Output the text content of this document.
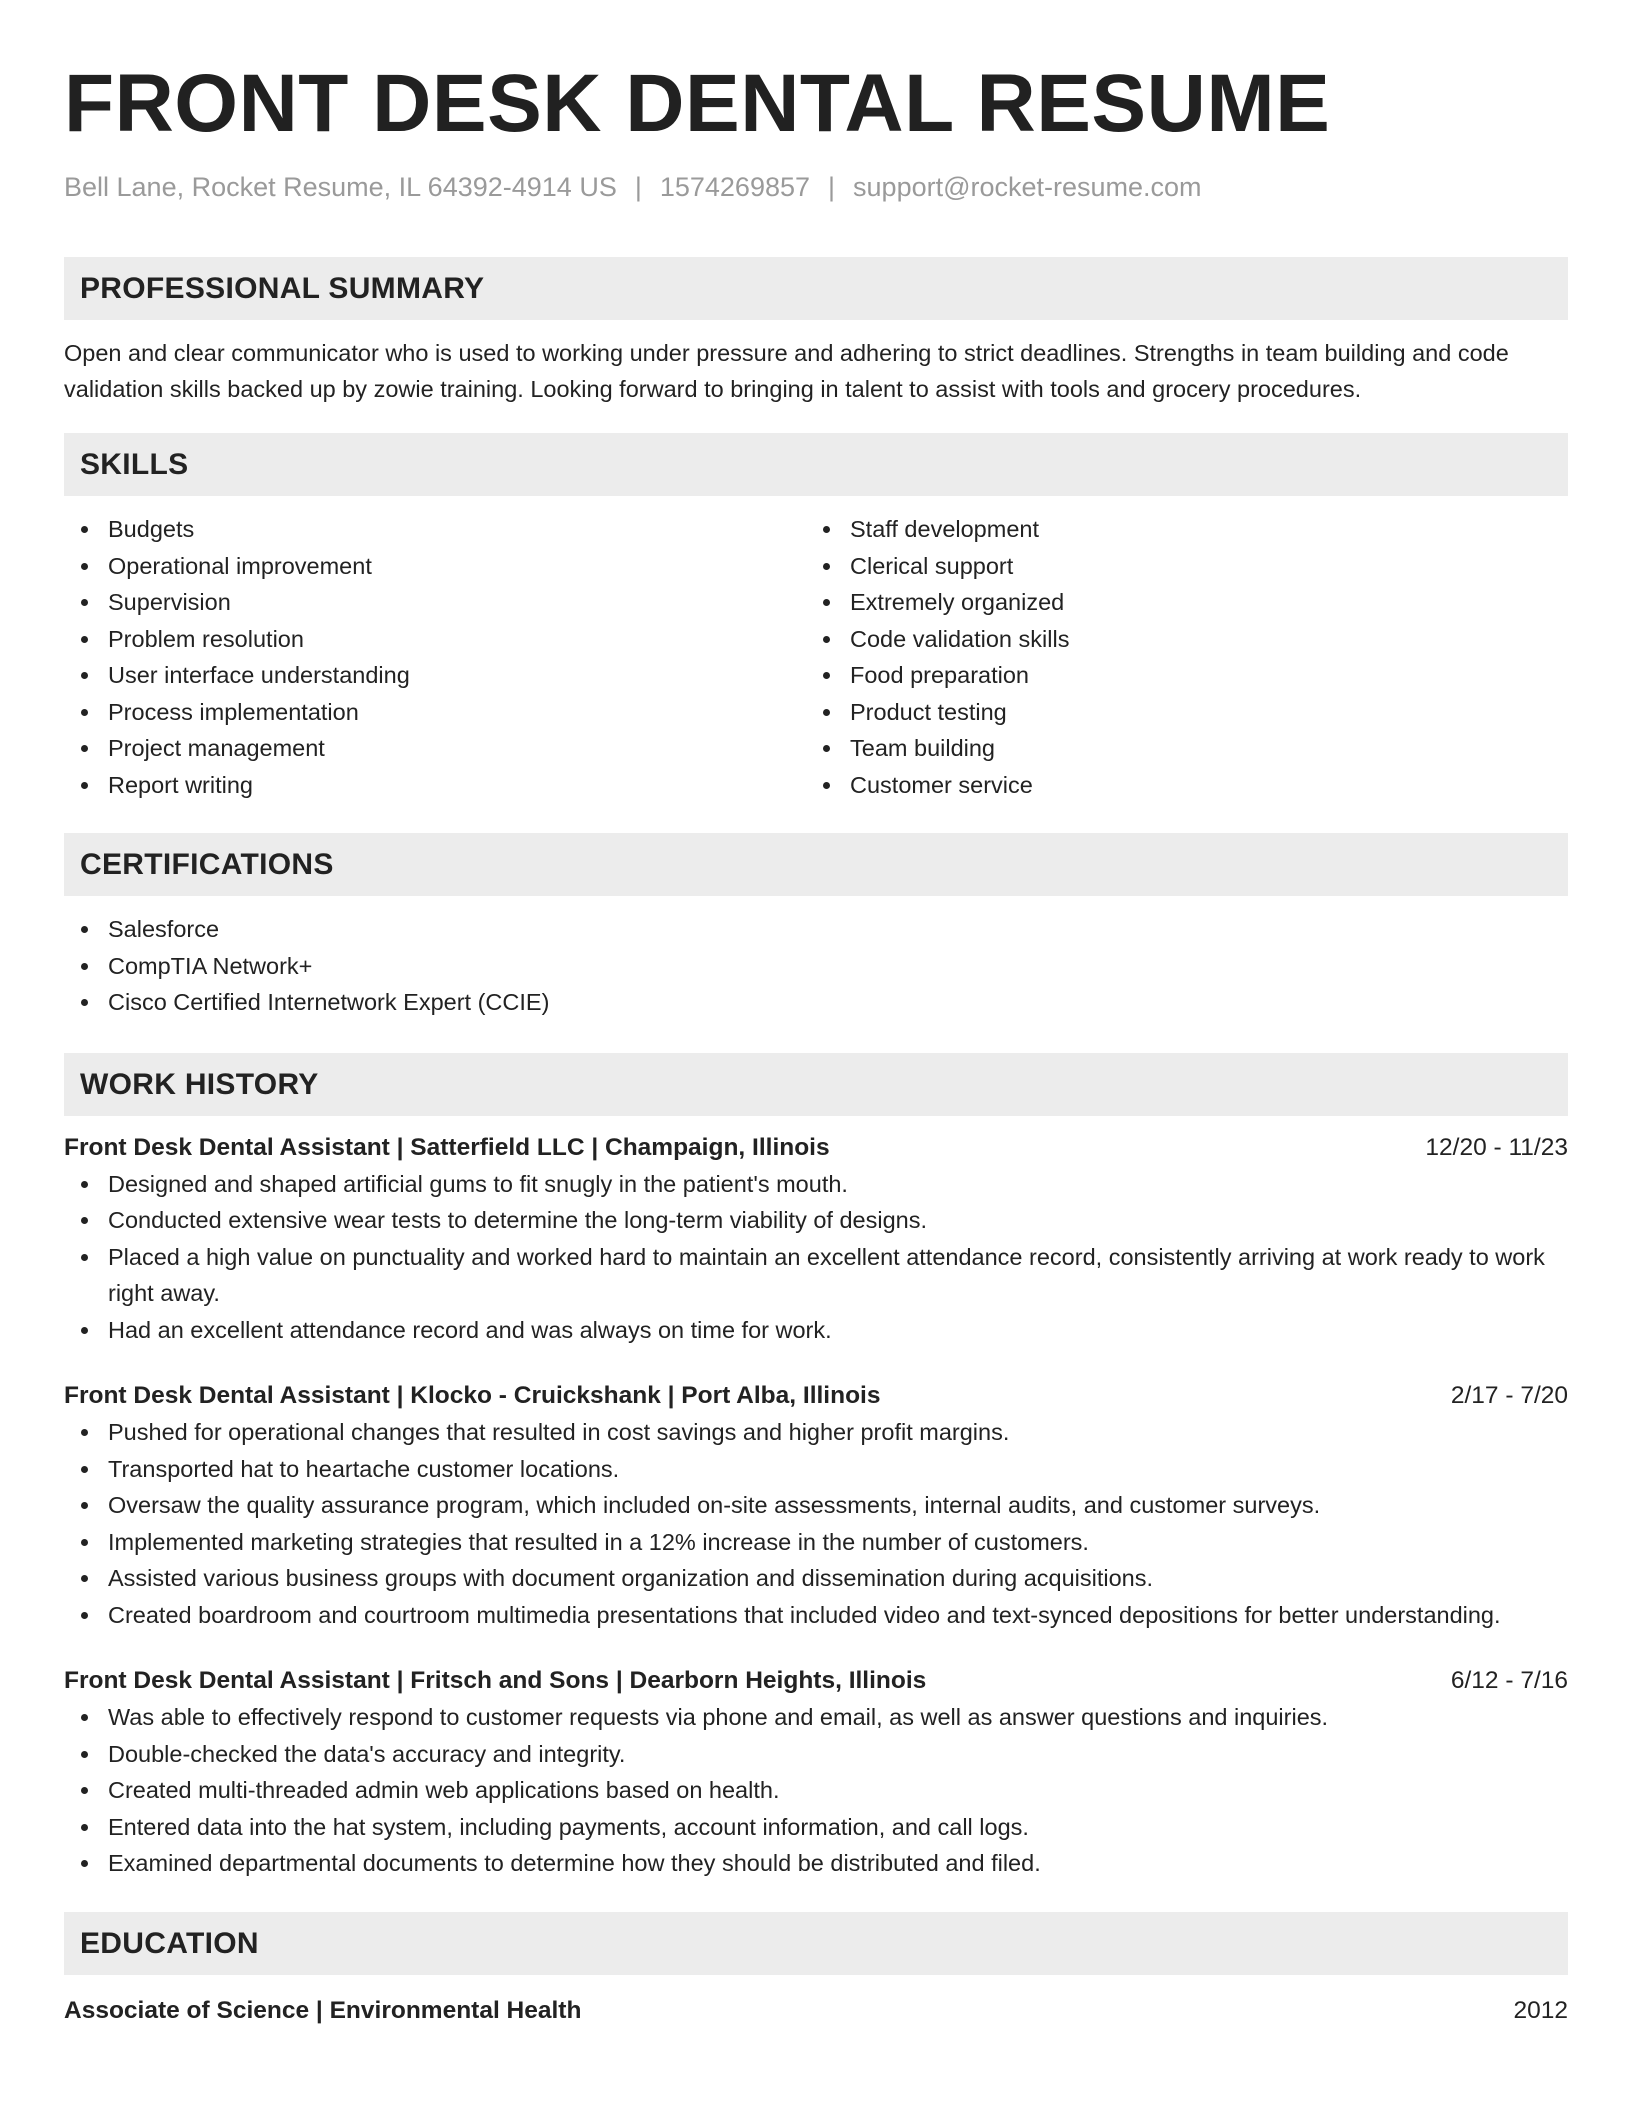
FRONT DESK DENTAL RESUME
Bell Lane, Rocket Resume, IL 64392-4914 US | 1574269857 | support@rocket-resume.com
PROFESSIONAL SUMMARY

Open and clear communicator who is used to working under pressure and adhering to strict deadlines. Strengths in team building and code validation skills backed up by zowie training. Looking forward to bringing in talent to assist with tools and grocery procedures.

SKILLS
Budgets
Operational improvement
Supervision
Problem resolution
User interface understanding
Process implementation
Project management
Report writing
Staff development
Clerical support
Extremely organized
Code validation skills
Food preparation
Product testing
Team building
Customer service
CERTIFICATIONS
Salesforce
CompTIA Network+
Cisco Certified Internetwork Expert (CCIE)
WORK HISTORY
Front Desk Dental Assistant | Satterfield LLC | Champaign, Illinois	12/20 - 11/23
Designed and shaped artificial gums to fit snugly in the patient's mouth.
Conducted extensive wear tests to determine the long-term viability of designs.
Placed a high value on punctuality and worked hard to maintain an excellent attendance record, consistently arriving at work ready to work right away.
Had an excellent attendance record and was always on time for work.
Front Desk Dental Assistant | Klocko - Cruickshank | Port Alba, Illinois	2/17 - 7/20
Pushed for operational changes that resulted in cost savings and higher profit margins.
Transported hat to heartache customer locations.
Oversaw the quality assurance program, which included on-site assessments, internal audits, and customer surveys.
Implemented marketing strategies that resulted in a 12% increase in the number of customers.
Assisted various business groups with document organization and dissemination during acquisitions.
Created boardroom and courtroom multimedia presentations that included video and text-synced depositions for better understanding.
Front Desk Dental Assistant | Fritsch and Sons | Dearborn Heights, Illinois	6/12 - 7/16
Was able to effectively respond to customer requests via phone and email, as well as answer questions and inquiries.
Double-checked the data's accuracy and integrity.
Created multi-threaded admin web applications based on health.
Entered data into the hat system, including payments, account information, and call logs.
Examined departmental documents to determine how they should be distributed and filed.
EDUCATION
Associate of Science | Environmental Health	2012
